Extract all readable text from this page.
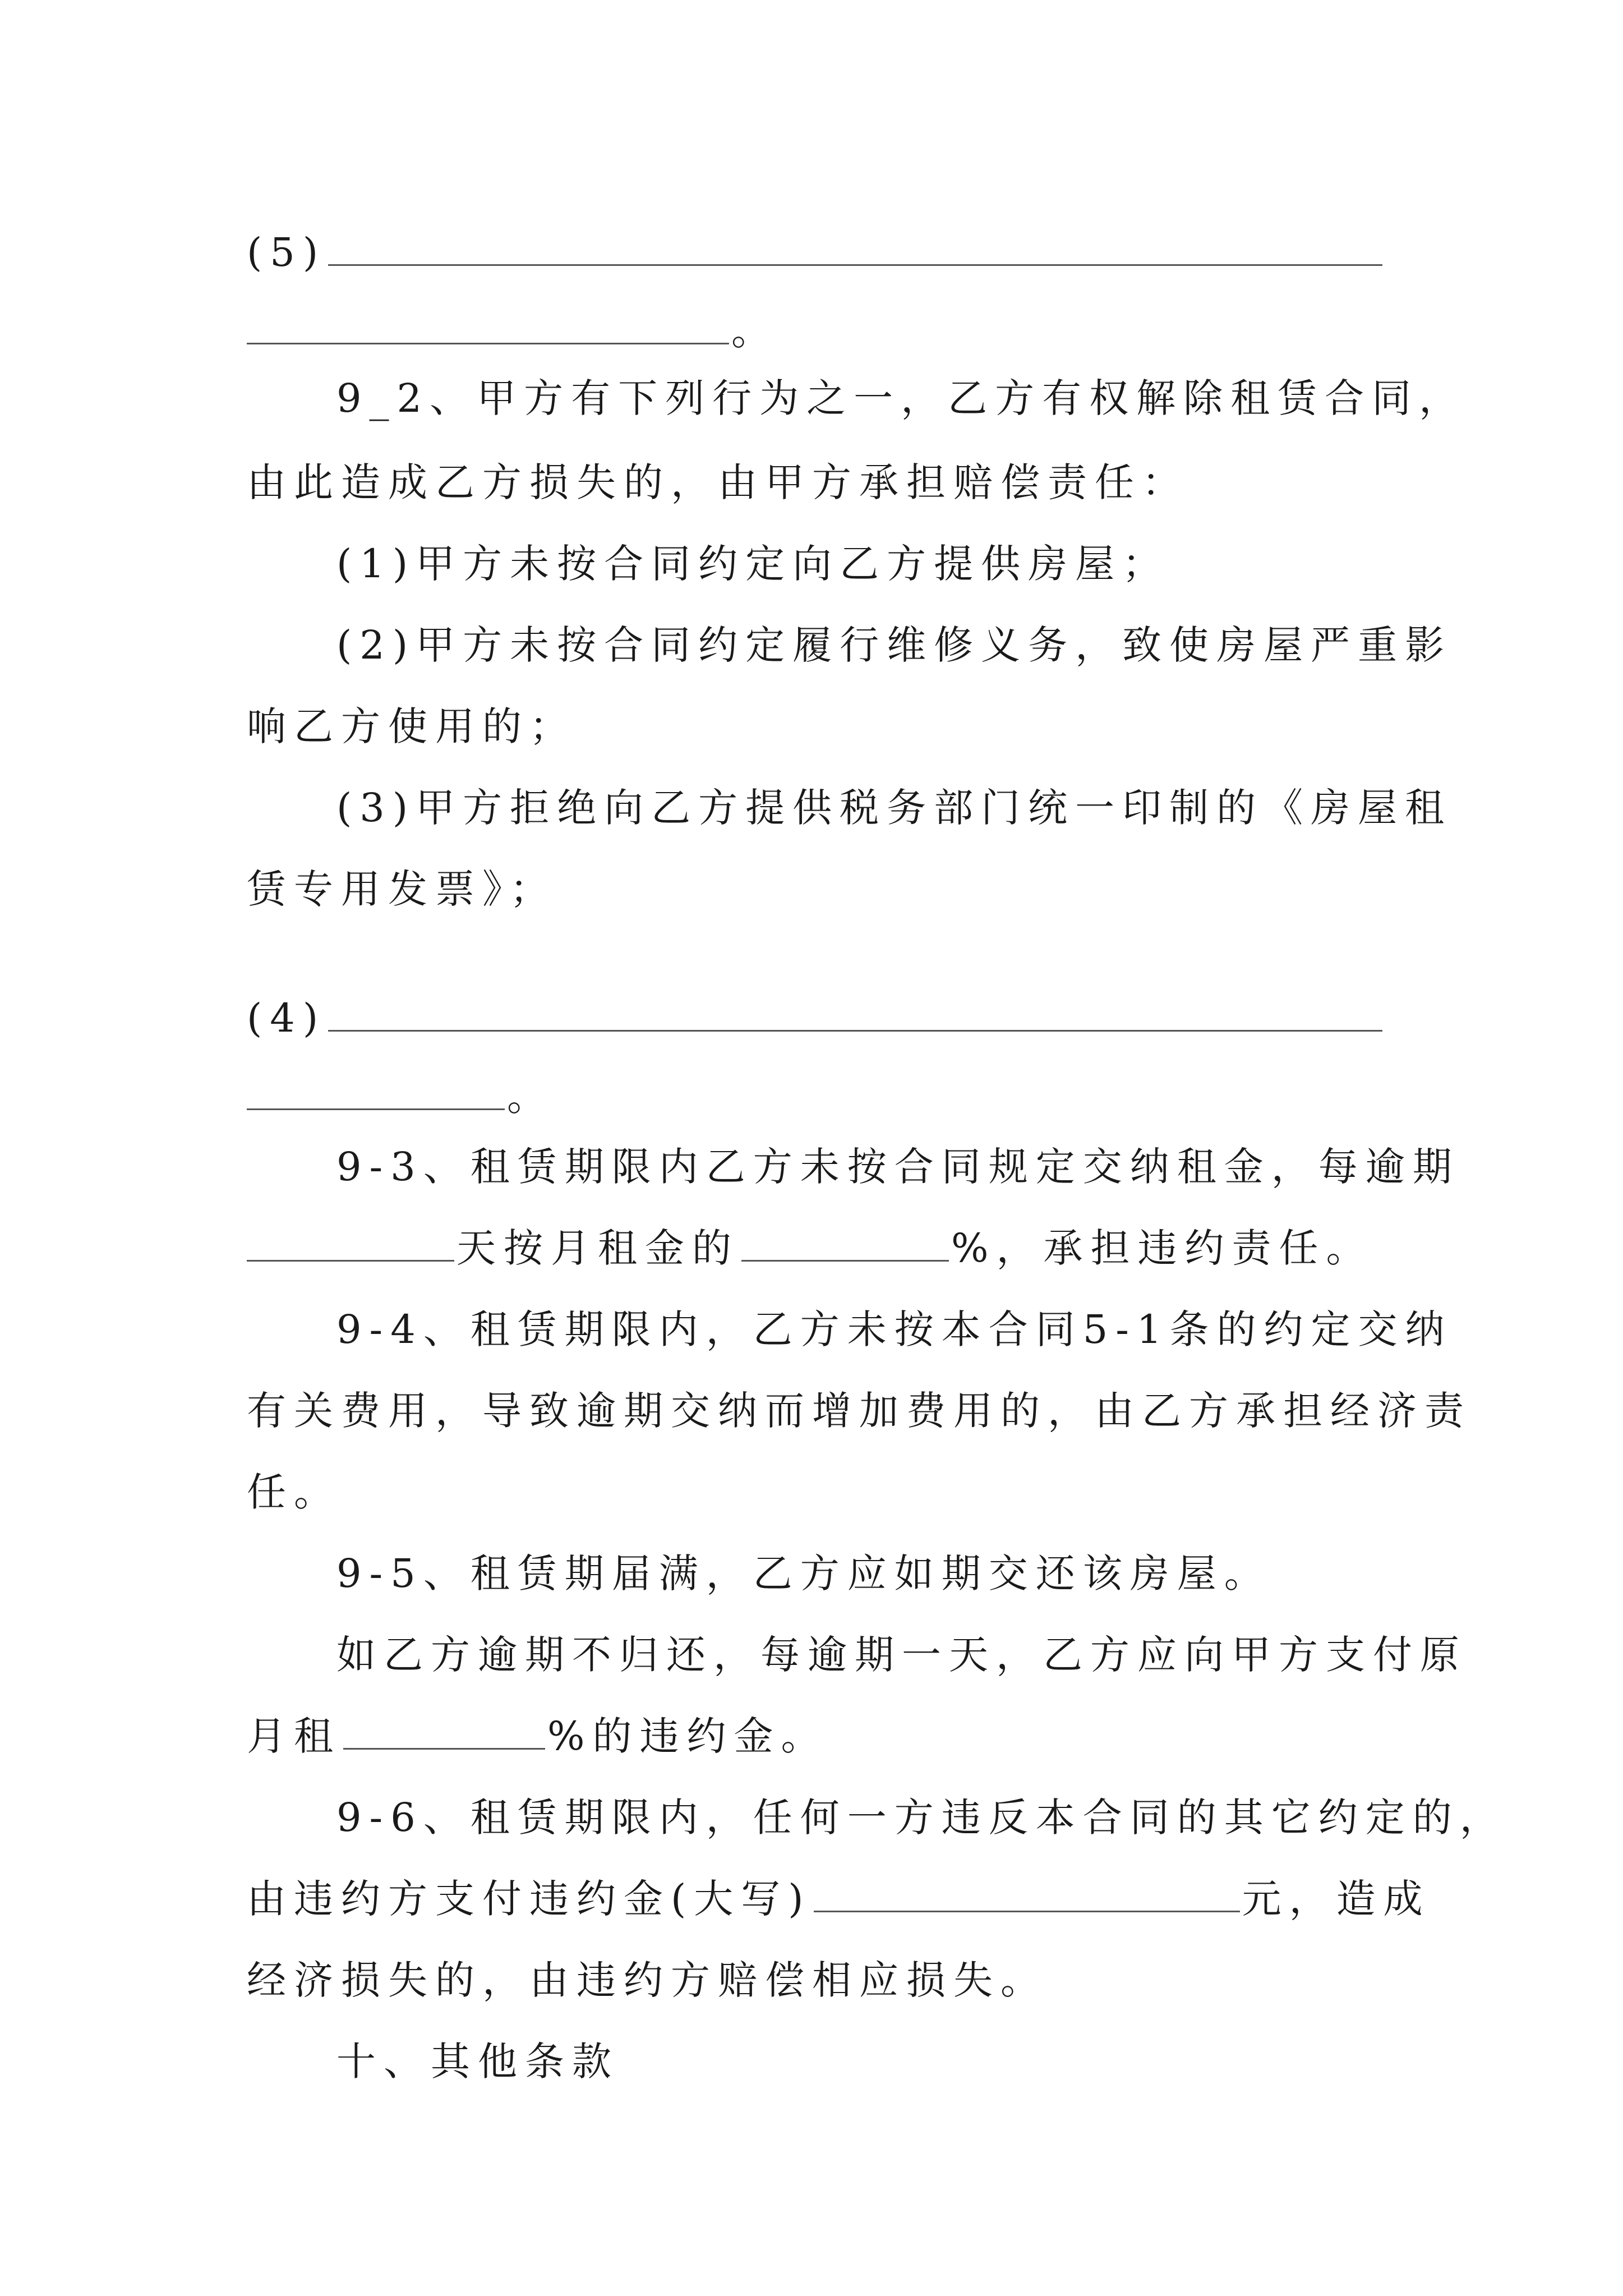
(5)
。
9_2、甲方有下列行为之一，乙方有权解除租赁合同，
由此造成乙方损失的，由甲方承担赔偿责任：
(1)甲方未按合同约定向乙方提供房屋；
(2)甲方未按合同约定履行维修义务，致使房屋严重影
响乙方使用的；
(3)甲方拒绝向乙方提供税务部门统一印制的《房屋租
赁专用发票》；
(4)
。
9-3、租赁期限内乙方未按合同规定交纳租金，每逾期
天按月租金的	%，承担违约责任。
9-4、租赁期限内，乙方未按本合同5-1条的约定交纳
有关费用，导致逾期交纳而增加费用的，由乙方承担经济责
任。
9-5、租赁期届满，乙方应如期交还该房屋。
如乙方逾期不归还，每逾期一天，乙方应向甲方支付原
月租	%的违约金。
9-6、租赁期限内，任何一方违反本合同的其它约定的，
由违约方支付违约金(大写)	元，造成
经济损失的，由违约方赔偿相应损失。
十、其他条款
